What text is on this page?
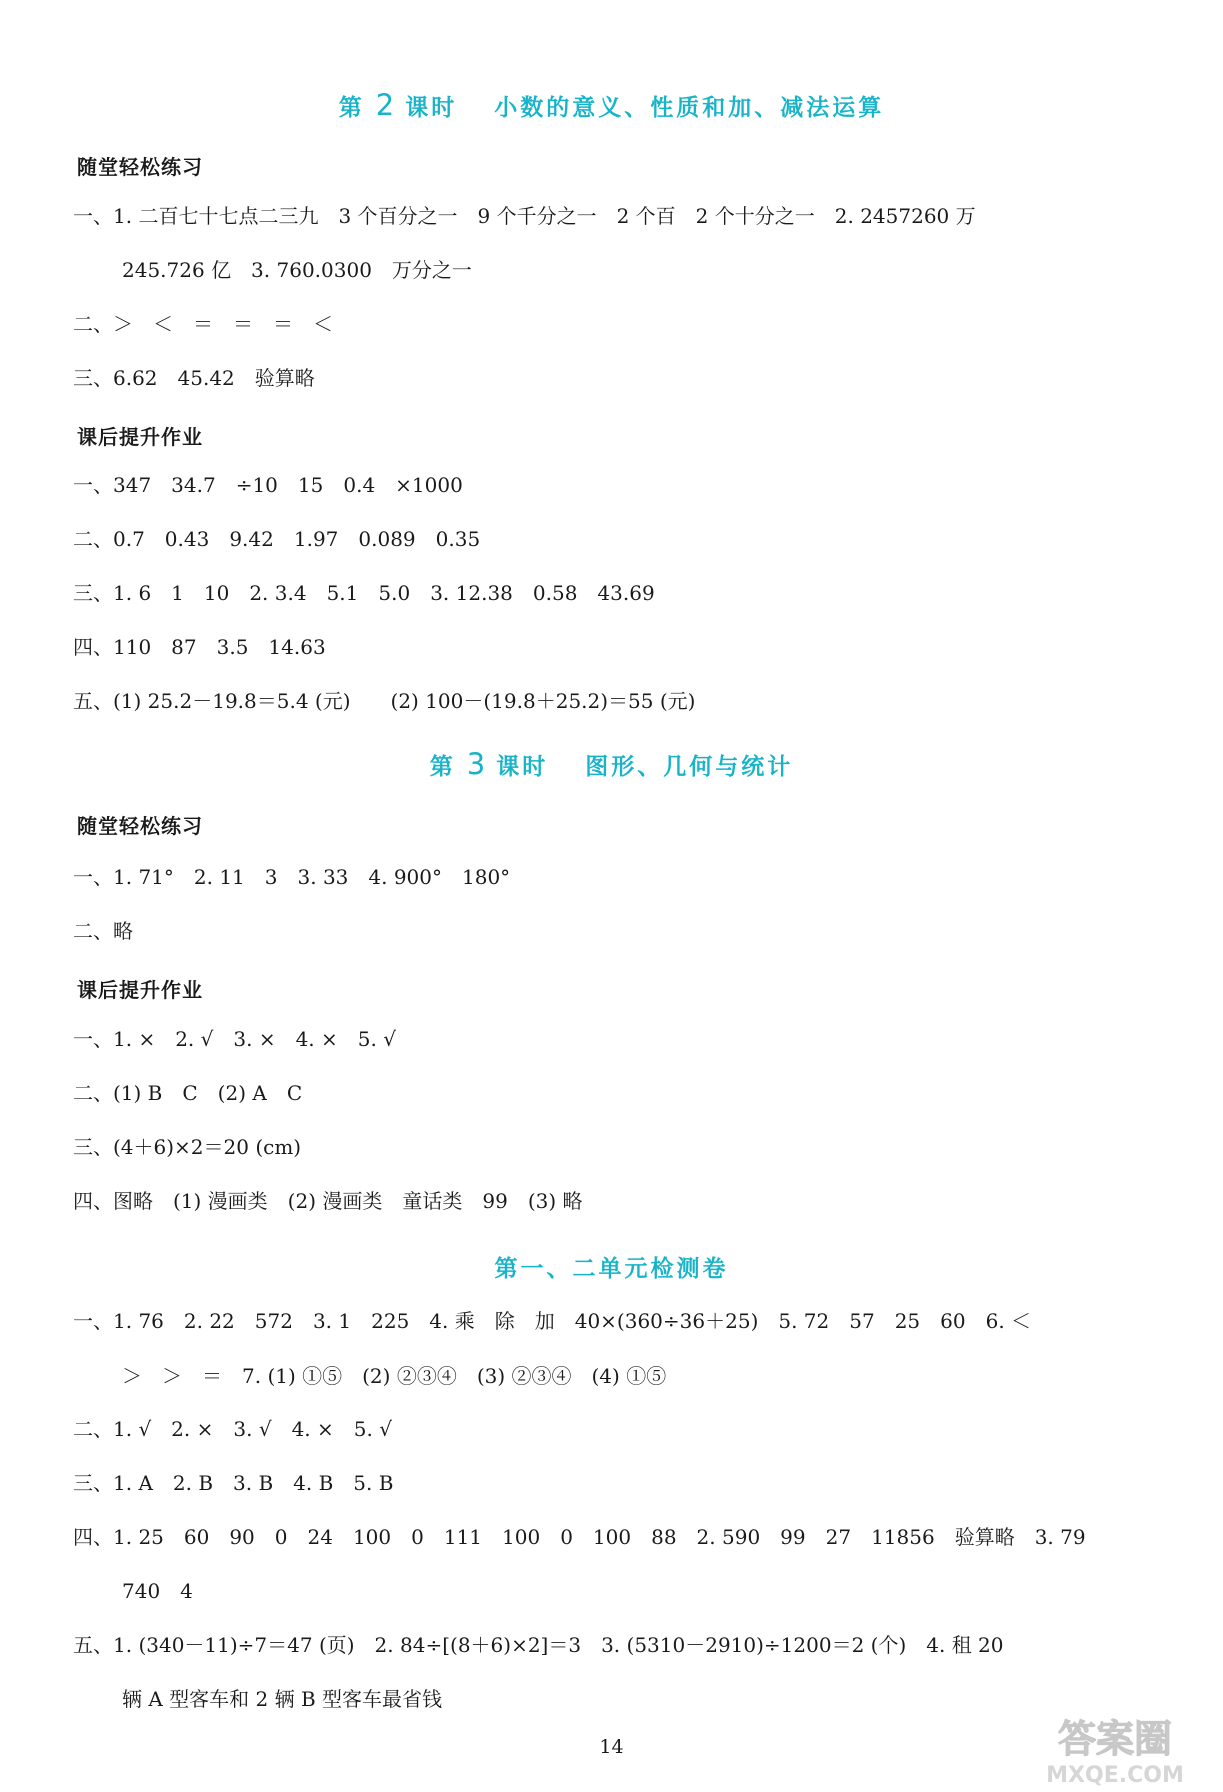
第 2 课时　 小数的意义、性质和加、减法运算
随堂轻松练习
一、1. 二百七十七点二三九　3 个百分之一　9 个千分之一　2 个百　2 个十分之一　2. 2457260 万
245.726 亿　3. 760.0300　万分之一
二、＞　＜　＝　＝　＝　＜
三、6.62　45.42　验算略
课后提升作业
一、347　34.7　÷10　15　0.4　×1000
二、0.7　0.43　9.42　1.97　0.089　0.35
三、1. 6　1　10　2. 3.4　5.1　5.0　3. 12.38　0.58　43.69
四、110　87　3.5　14.63
五、(1) 25.2－19.8＝5.4 (元)　　(2) 100－(19.8＋25.2)＝55 (元)
第 3 课时　 图形、几何与统计
随堂轻松练习
一、1. 71°　2. 11　3　3. 33　4. 900°　180°
二、略
课后提升作业
一、1. ×　2. √　3. ×　4. ×　5. √
二、(1) B　C　(2) A　C
三、(4＋6)×2＝20 (cm)
四、图略　(1) 漫画类　(2) 漫画类　童话类　99　(3) 略
第一、二单元检测卷
一、1. 76　2. 22　572　3. 1　225　4. 乘　除　加　40×(360÷36＋25)　5. 72　57　25　60　6. ＜
＞　＞　＝　7. (1) ①⑤　(2) ②③④　(3) ②③④　(4) ①⑤
二、1. √　2. ×　3. √　4. ×　5. √
三、1. A　2. B　3. B　4. B　5. B
四、1. 25　60　90　0　24　100　0　111　100　0　100　88　2. 590　99　27　11856　验算略　3. 79
740　4
五、1. (340－11)÷7＝47 (页)　2. 84÷[(8＋6)×2]＝3　3. (5310－2910)÷1200＝2 (个)　4. 租 20
辆 A 型客车和 2 辆 B 型客车最省钱
14	答案圈
MXQE.COM
